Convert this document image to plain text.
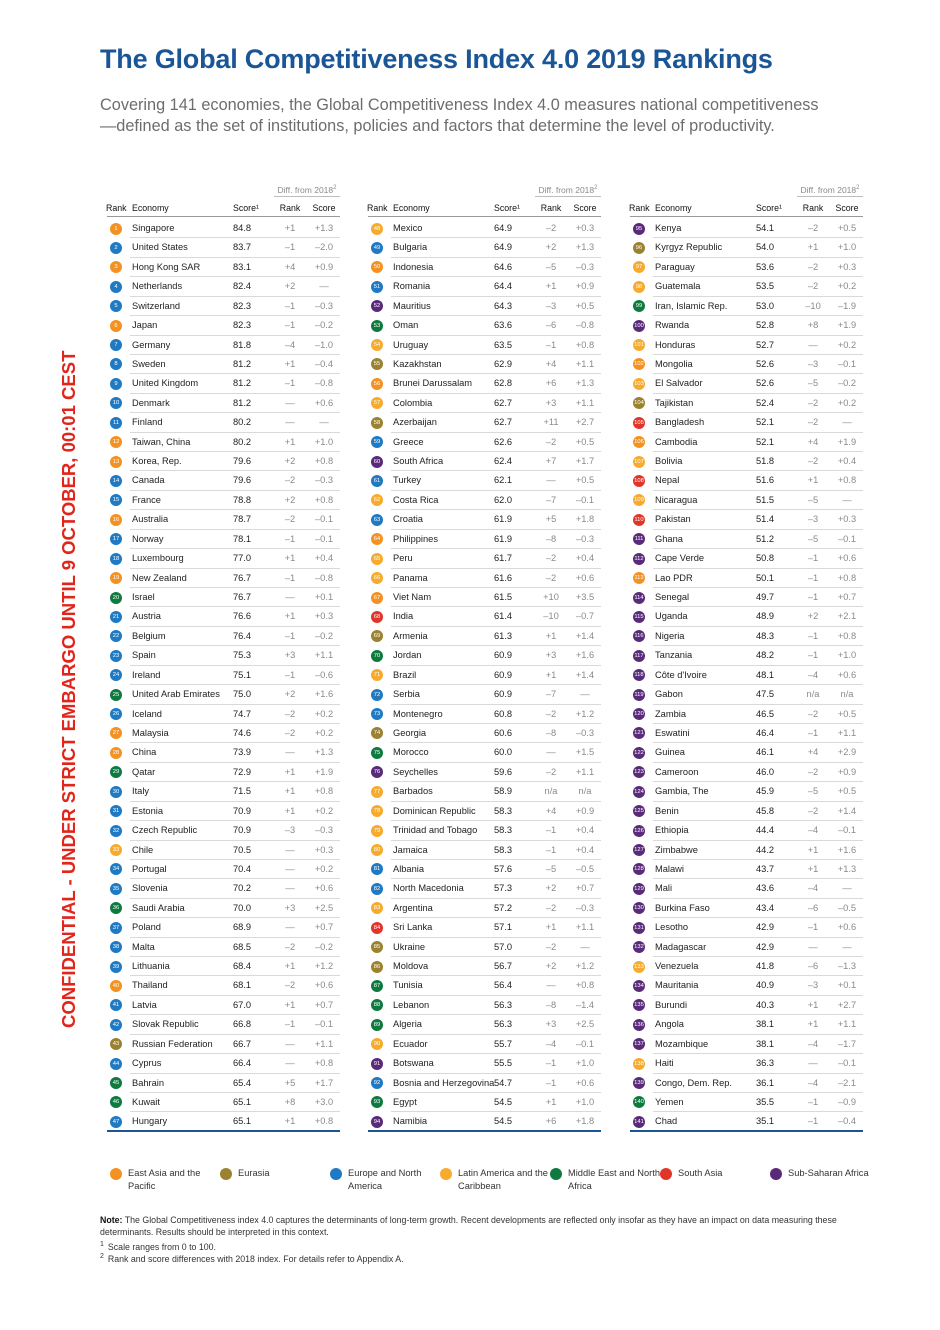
The Global Competitiveness Index 4.0 2019 Rankings
Covering 141 economies, the Global Competitiveness Index 4.0 measures national competitiveness—defined as the set of institutions, policies and factors that determine the level of productivity.
CONFIDENTIAL - UNDER STRICT EMBARGO UNTIL 9 OCTOBER, 00:01 CEST
Diff. from 2018$^2$
Rank Economy	Score¹	Rank	Score
1	Singapore	84.8	+1	+1.3
2	United States	83.7	–1	–2.0
3	Hong Kong SAR	83.1	+4	+0.9
4	Netherlands	82.4	+2	—
5	Switzerland	82.3	–1	–0.3
6	Japan	82.3	–1	–0.2
7	Germany	81.8	–4	–1.0
8	Sweden	81.2	+1	–0.4
9	United Kingdom	81.2	–1	–0.8
10 Denmark	81.2	—	+0.6
11	Finland	80.2	—	—
12 Taiwan, China	80.2	+1	+1.0
13 Korea, Rep.	79.6	+2	+0.8
14 Canada	79.6	–2	–0.3
15 France	78.8	+2	+0.8
16 Australia	78.7	–2	–0.1
17 Norway	78.1	–1	–0.1
18 Luxembourg	77.0	+1	+0.4
19 New Zealand	76.7	–1	–0.8
20 Israel	76.7	—	+0.1
21 Austria	76.6	+1	+0.3
22 Belgium	76.4	–1	–0.2
23 Spain	75.3	+3	+1.1
24 Ireland	75.1	–1	–0.6
25 United Arab Emirates 75.0	+2	+1.6
26 Iceland	74.7	–2	+0.2
27 Malaysia	74.6	–2	+0.2
28 China	73.9	—	+1.3
29 Qatar	72.9	+1	+1.9
30 Italy	71.5	+1	+0.8
31 Estonia	70.9	+1	+0.2
32 Czech Republic	70.9	–3	–0.3
33 Chile	70.5	—	+0.3
34 Portugal	70.4	—	+0.2
35 Slovenia	70.2	—	+0.6
36 Saudi Arabia	70.0	+3	+2.5
37 Poland	68.9	—	+0.7
38 Malta	68.5	–2	–0.2
39 Lithuania	68.4	+1	+1.2
40 Thailand	68.1	–2	+0.6
41 Latvia	67.0	+1	+0.7
42 Slovak Republic	66.8	–1	–0.1
43 Russian Federation 66.7	—	+1.1
44 Cyprus	66.4	—	+0.8
45 Bahrain	65.4	+5	+1.7
46 Kuwait	65.1	+8	+3.0
47 Hungary	65.1	+1	+0.8
Diff. from 2018$^2$
Rank Economy	Score¹	Rank	Score
48 Mexico	64.9	–2	+0.3
49 Bulgaria	64.9	+2	+1.3
50 Indonesia	64.6	–5	–0.3
51 Romania	64.4	+1	+0.9
52 Mauritius	64.3	–3	+0.5
53 Oman	63.6	–6	–0.8
54 Uruguay	63.5	–1	+0.8
55 Kazakhstan	62.9	+4	+1.1
56 Brunei Darussalam 62.8	+6	+1.3
57 Colombia	62.7	+3	+1.1
58 Azerbaijan	62.7	+11	+2.7
59 Greece	62.6	–2	+0.5
60 South Africa	62.4	+7	+1.7
61 Turkey	62.1	—	+0.5
62 Costa Rica	62.0	–7	–0.1
63 Croatia	61.9	+5	+1.8
64 Philippines	61.9	–8	–0.3
65 Peru	61.7	–2	+0.4
66 Panama	61.6	–2	+0.6
67 Viet Nam	61.5	+10	+3.5
68 India	61.4	–10	–0.7
69 Armenia	61.3	+1	+1.4
70 Jordan	60.9	+3	+1.6
71 Brazil	60.9	+1	+1.4
72 Serbia	60.9	–7	—
73 Montenegro	60.8	–2	+1.2
74 Georgia	60.6	–8	–0.3
75 Morocco	60.0	—	+1.5
76 Seychelles	59.6	–2	+1.1
77 Barbados	58.9	n/a	n/a
78 Dominican Republic 58.3	+4	+0.9
79 Trinidad and Tobago 58.3	–1	+0.4
80 Jamaica	58.3	–1	+0.4
81 Albania	57.6	–5	–0.5
82 North Macedonia	57.3	+2	+0.7
83 Argentina	57.2	–2	–0.3
84 Sri Lanka	57.1	+1	+1.1
85 Ukraine	57.0	–2	—
86 Moldova	56.7	+2	+1.2
87 Tunisia	56.4	—	+0.8
88 Lebanon	56.3	–8	–1.4
89 Algeria	56.3	+3	+2.5
90 Ecuador	55.7	–4	–0.1
91 Botswana	55.5	–1	+1.0
92 Bosnia and Herzegovina 54.7	–1	+0.6
93 Egypt	54.5	+1	+1.0
94 Namibia	54.5	+6	+1.8
Diff. from 2018$^2$
Rank Economy	Score¹	Rank	Score
95 Kenya	54.1	–2	+0.5
96 Kyrgyz Republic	54.0	+1	+1.0
97 Paraguay	53.6	–2	+0.3
98 Guatemala	53.5	–2	+0.2
99 Iran, Islamic Rep.	53.0	–10	–1.9
100 Rwanda	52.8	+8	+1.9
101 Honduras	52.7	—	+0.2
102 Mongolia	52.6	–3	–0.1
103 El Salvador	52.6	–5	–0.2
104 Tajikistan	52.4	–2	+0.2
105 Bangladesh	52.1	–2	—
106 Cambodia	52.1	+4	+1.9
107 Bolivia	51.8	–2	+0.4
108 Nepal	51.6	+1	+0.8
109 Nicaragua	51.5	–5	—
110 Pakistan	51.4	–3	+0.3
111 Ghana	51.2	–5	–0.1
112 Cape Verde	50.8	–1	+0.6
113 Lao PDR	50.1	–1	+0.8
114 Senegal	49.7	–1	+0.7
115 Uganda	48.9	+2	+2.1
116 Nigeria	48.3	–1	+0.8
117 Tanzania	48.2	–1	+1.0
118 Côte d'Ivoire	48.1	–4	+0.6
119 Gabon	47.5	n/a	n/a
120 Zambia	46.5	–2	+0.5
121 Eswatini	46.4	–1	+1.1
122 Guinea	46.1	+4	+2.9
123 Cameroon	46.0	–2	+0.9
124 Gambia, The	45.9	–5	+0.5
125 Benin	45.8	–2	+1.4
126 Ethiopia	44.4	–4	–0.1
127 Zimbabwe	44.2	+1	+1.6
128 Malawi	43.7	+1	+1.3
129 Mali	43.6	–4	—
130 Burkina Faso	43.4	–6	–0.5
131 Lesotho	42.9	–1	+0.6
132 Madagascar	42.9	—	—
133 Venezuela	41.8	–6	–1.3
134 Mauritania	40.9	–3	+0.1
135 Burundi	40.3	+1	+2.7
136 Angola	38.1	+1	+1.1
137 Mozambique	38.1	–4	–1.7
138 Haiti	36.3	—	–0.1
139 Congo, Dem. Rep.	36.1	–4	–2.1
140 Yemen	35.5	–1	–0.9
141 Chad	35.1	–1	–0.4
East Asia and the Pacific
Eurasia	Europe and North America
Latin America and the Caribbean
Middle East and North Africa
South Asia	Sub-Saharan Africa
Note: The Global Competitiveness index 4.0 captures the determinants of long-term growth. Recent developments are reflected only insofar as they have an impact on data measuring these determinants. Results should be interpreted in this context.
$^1$ Scale ranges from 0 to 100.
$^2$ Rank and score differences with 2018 index. For details refer to Appendix A.
